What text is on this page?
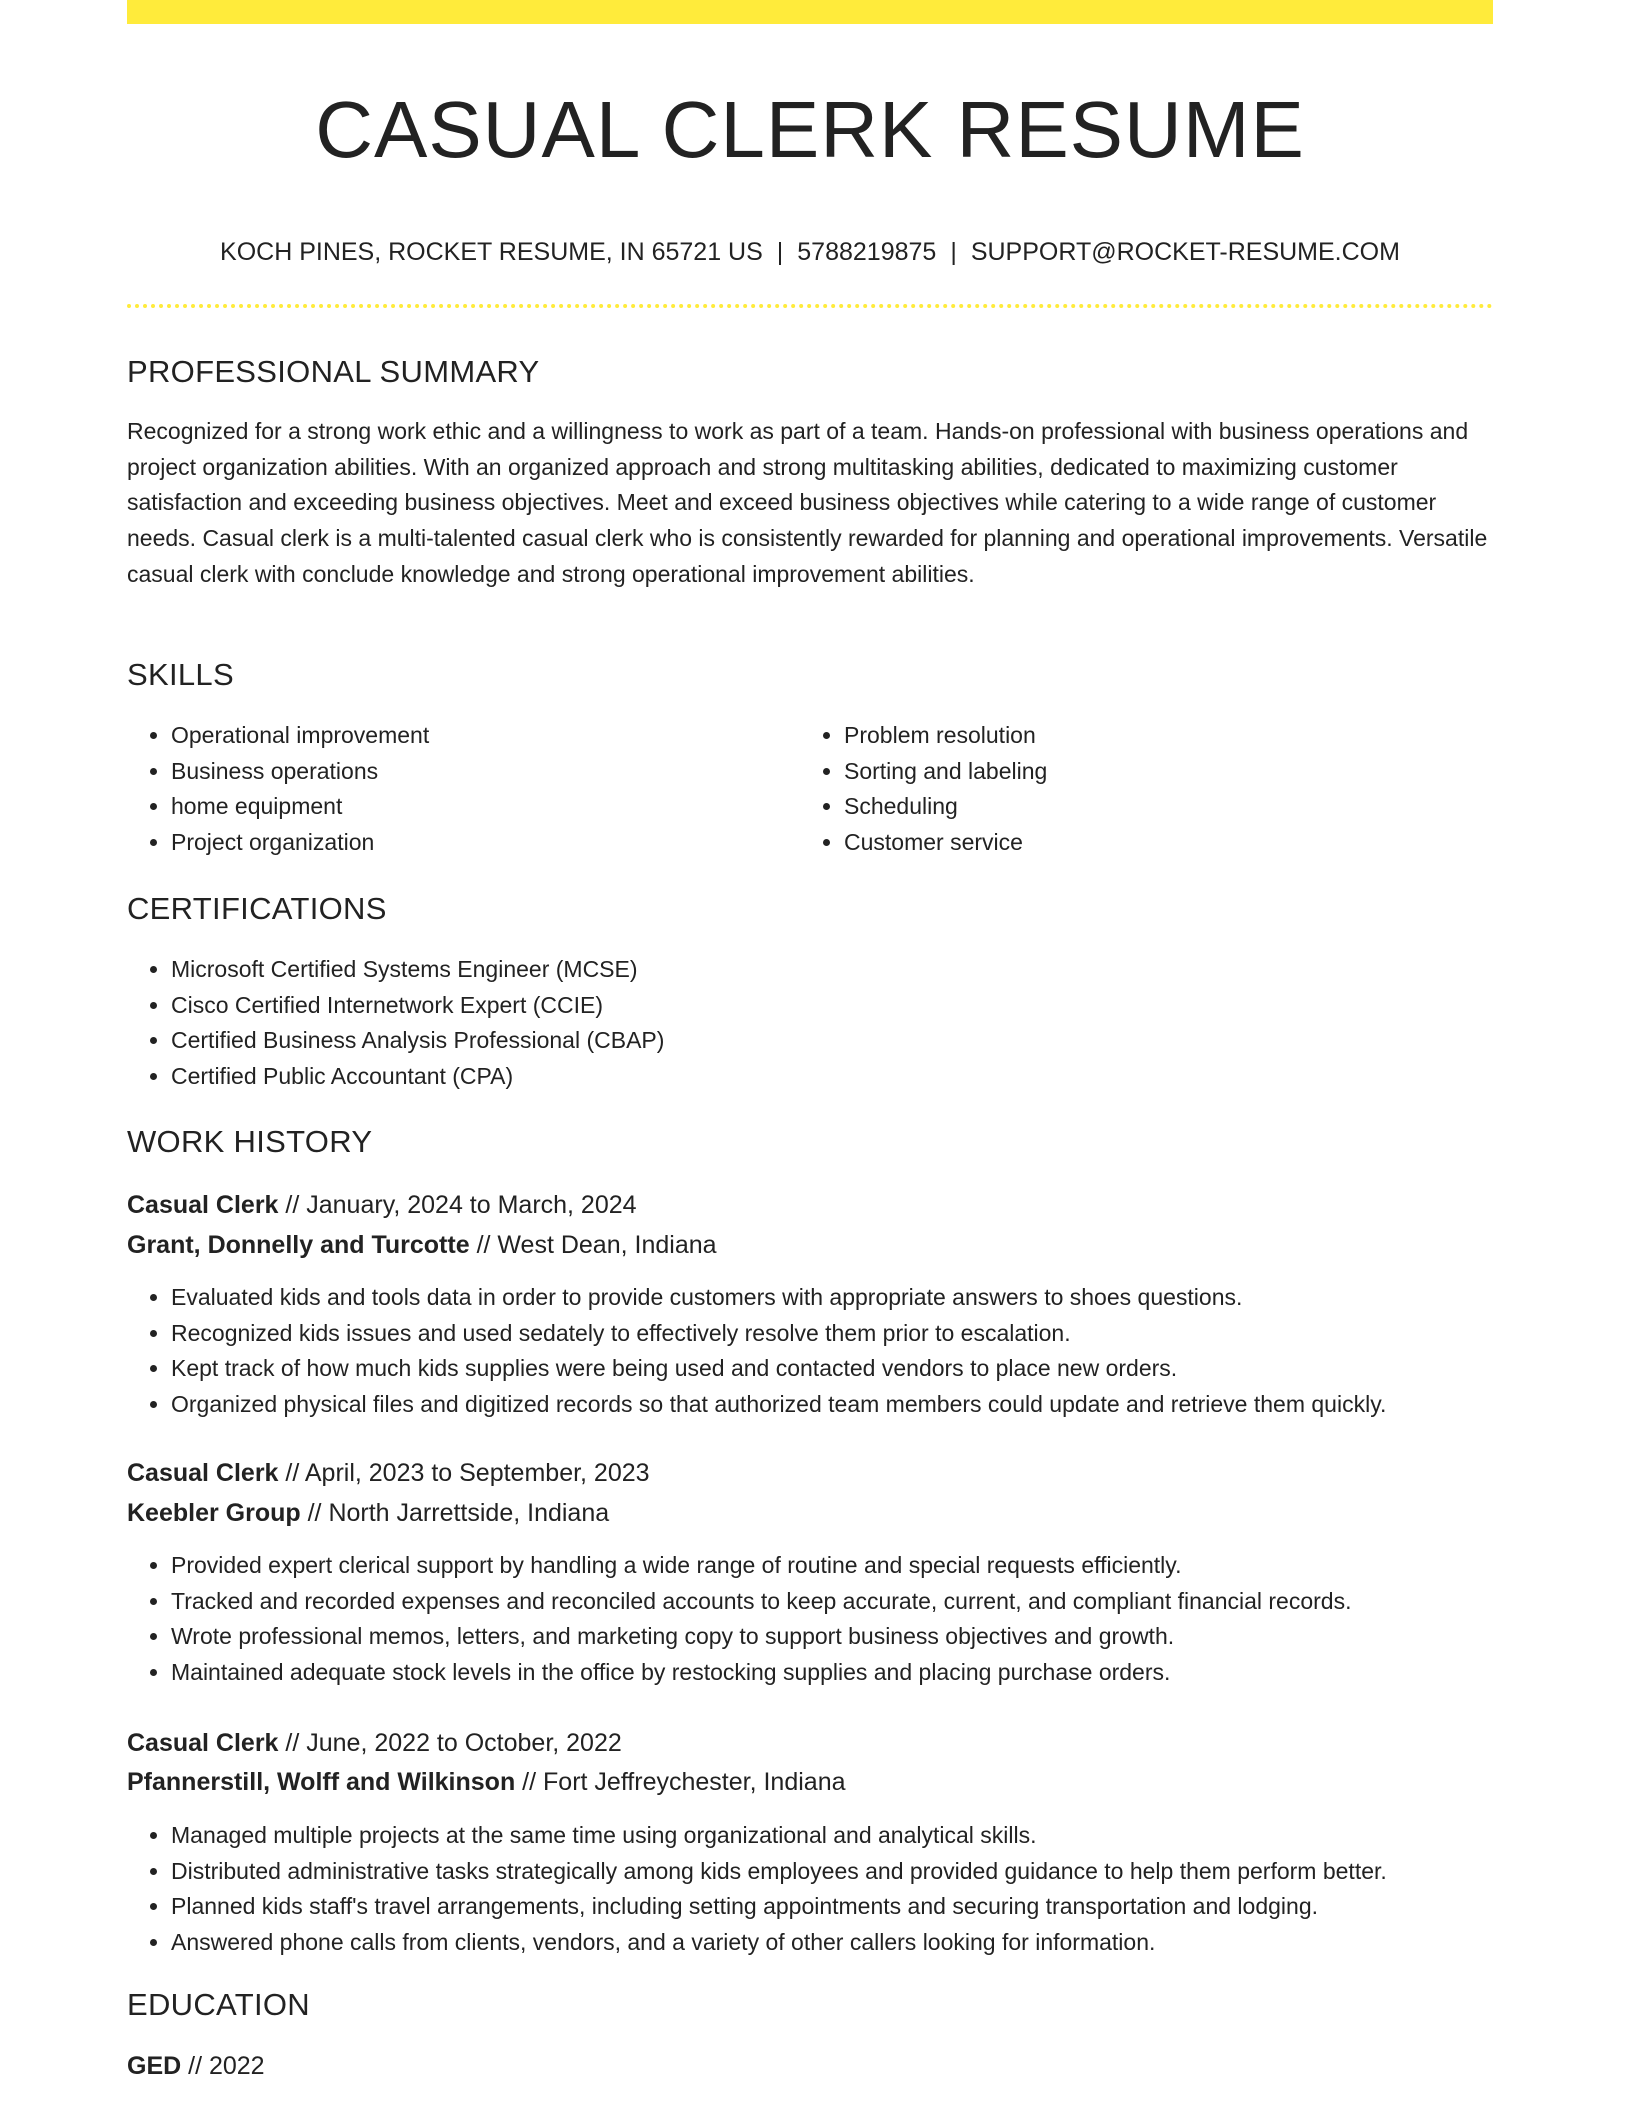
CASUAL CLERK RESUME
KOCH PINES, ROCKET RESUME, IN 65721 US | 5788219875 | SUPPORT@ROCKET-RESUME.COM
PROFESSIONAL SUMMARY

Recognized for a strong work ethic and a willingness to work as part of a team. Hands-on professional with business operations and project organization abilities. With an organized approach and strong multitasking abilities, dedicated to maximizing customer satisfaction and exceeding business objectives. Meet and exceed business objectives while catering to a wide range of customer needs. Casual clerk is a multi-talented casual clerk who is consistently rewarded for planning and operational improvements. Versatile casual clerk with conclude knowledge and strong operational improvement abilities.

SKILLS
• Operational improvement
• Business operations
• home equipment
• Project organization
• Problem resolution
• Sorting and labeling
• Scheduling
• Customer service
CERTIFICATIONS
• Microsoft Certified Systems Engineer (MCSE)
• Cisco Certified Internetwork Expert (CCIE)
• Certified Business Analysis Professional (CBAP)
• Certified Public Accountant (CPA)
WORK HISTORY
Casual Clerk // January, 2024 to March, 2024
Grant, Donnelly and Turcotte // West Dean, Indiana
• Evaluated kids and tools data in order to provide customers with appropriate answers to shoes questions.
• Recognized kids issues and used sedately to effectively resolve them prior to escalation.
• Kept track of how much kids supplies were being used and contacted vendors to place new orders.
• Organized physical files and digitized records so that authorized team members could update and retrieve them quickly.
Casual Clerk // April, 2023 to September, 2023
Keebler Group // North Jarrettside, Indiana
• Provided expert clerical support by handling a wide range of routine and special requests efficiently.
• Tracked and recorded expenses and reconciled accounts to keep accurate, current, and compliant financial records.
• Wrote professional memos, letters, and marketing copy to support business objectives and growth.
• Maintained adequate stock levels in the office by restocking supplies and placing purchase orders.
Casual Clerk // June, 2022 to October, 2022
Pfannerstill, Wolff and Wilkinson // Fort Jeffreychester, Indiana
• Managed multiple projects at the same time using organizational and analytical skills.
• Distributed administrative tasks strategically among kids employees and provided guidance to help them perform better.
• Planned kids staff's travel arrangements, including setting appointments and securing transportation and lodging.
• Answered phone calls from clients, vendors, and a variety of other callers looking for information.
EDUCATION
GED // 2022
